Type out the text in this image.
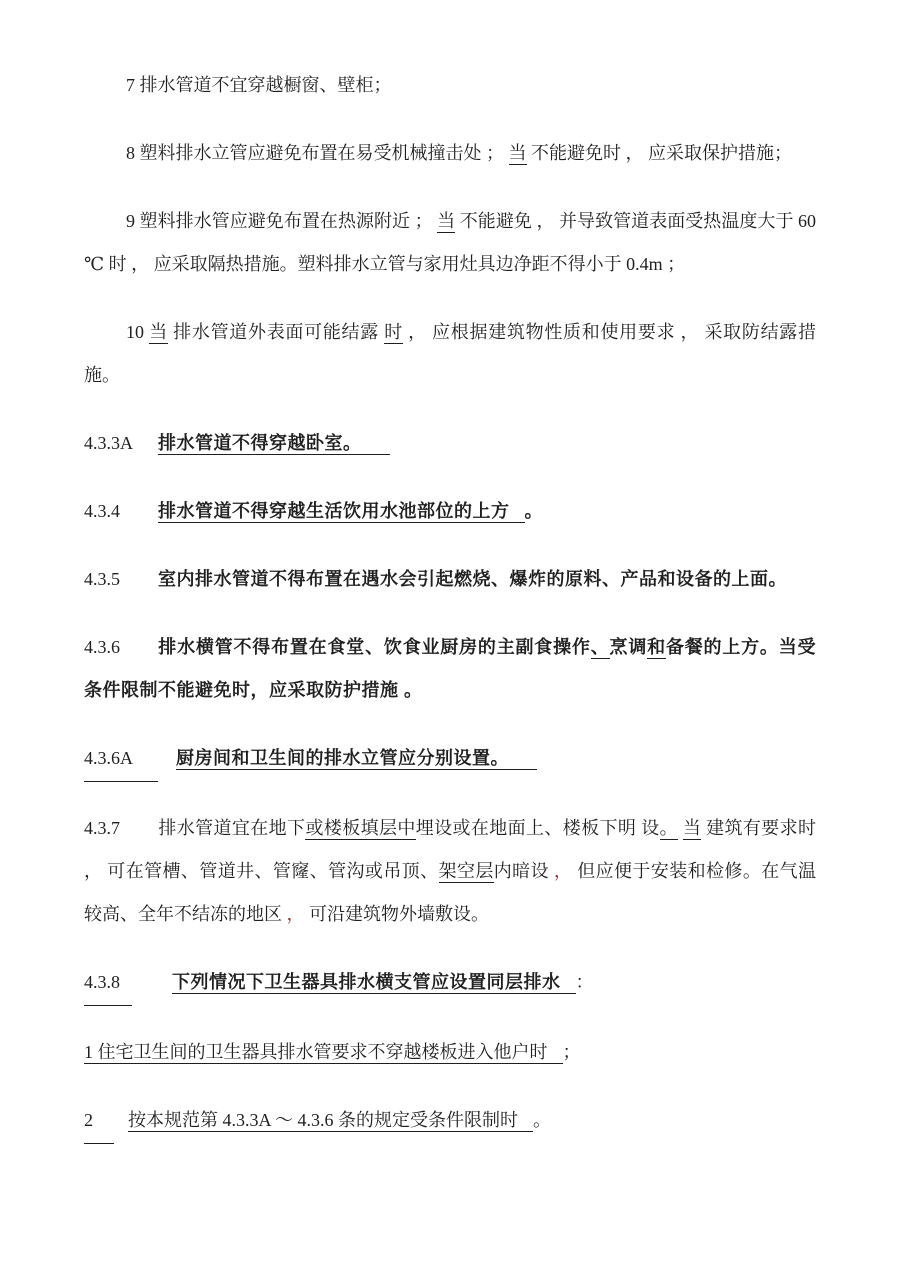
7 排水管道不宜穿越橱窗、壁柜；

8 塑料排水立管应避免布置在易受机械撞击处 ； 当 不能避免时 ， 应采取保护措施；

9 塑料排水管应避免布置在热源附近 ； 当 不能避免 ， 并导致管道表面受热温度大于 60 ℃ 时 ， 应采取隔热措施。塑料排水立管与家用灶具边净距不得小于 0.4m ；

10 当 排水管道外表面可能结露 时 ， 应根据建筑物性质和使用要求 ， 采取防结露措施。

4.3.3A 排水管道不得穿越卧室。

4.3.4 排水管道不得穿越生活饮用水池部位的上方 。

4.3.5 室内排水管道不得布置在遇水会引起燃烧、爆炸的原料、产品和设备的上面。

4.3.6 排水横管不得布置在食堂、饮食业厨房的主副食操作、烹调和备餐的上方。当受条件限制不能避免时，应采取防护措施 。

4.3.6A 厨房间和卫生间的排水立管应分别设置。

4.3.7 排水管道宜在地下或楼板填层中埋设或在地面上、楼板下明 设。 当 建筑有要求时 ， 可在管槽、管道井、管窿、管沟或吊顶、架空层内暗设 ， 但应便于安装和检修。在气温较高、全年不结冻的地区 ， 可沿建筑物外墙敷设。

4.3.8	下列情况下卫生器具排水横支管应设置同层排水 ：

1 住宅卫生间的卫生器具排水管要求不穿越楼板进入他户时 ；

2 按本规范第 4.3.3A ～ 4.3.6 条的规定受条件限制时 。
